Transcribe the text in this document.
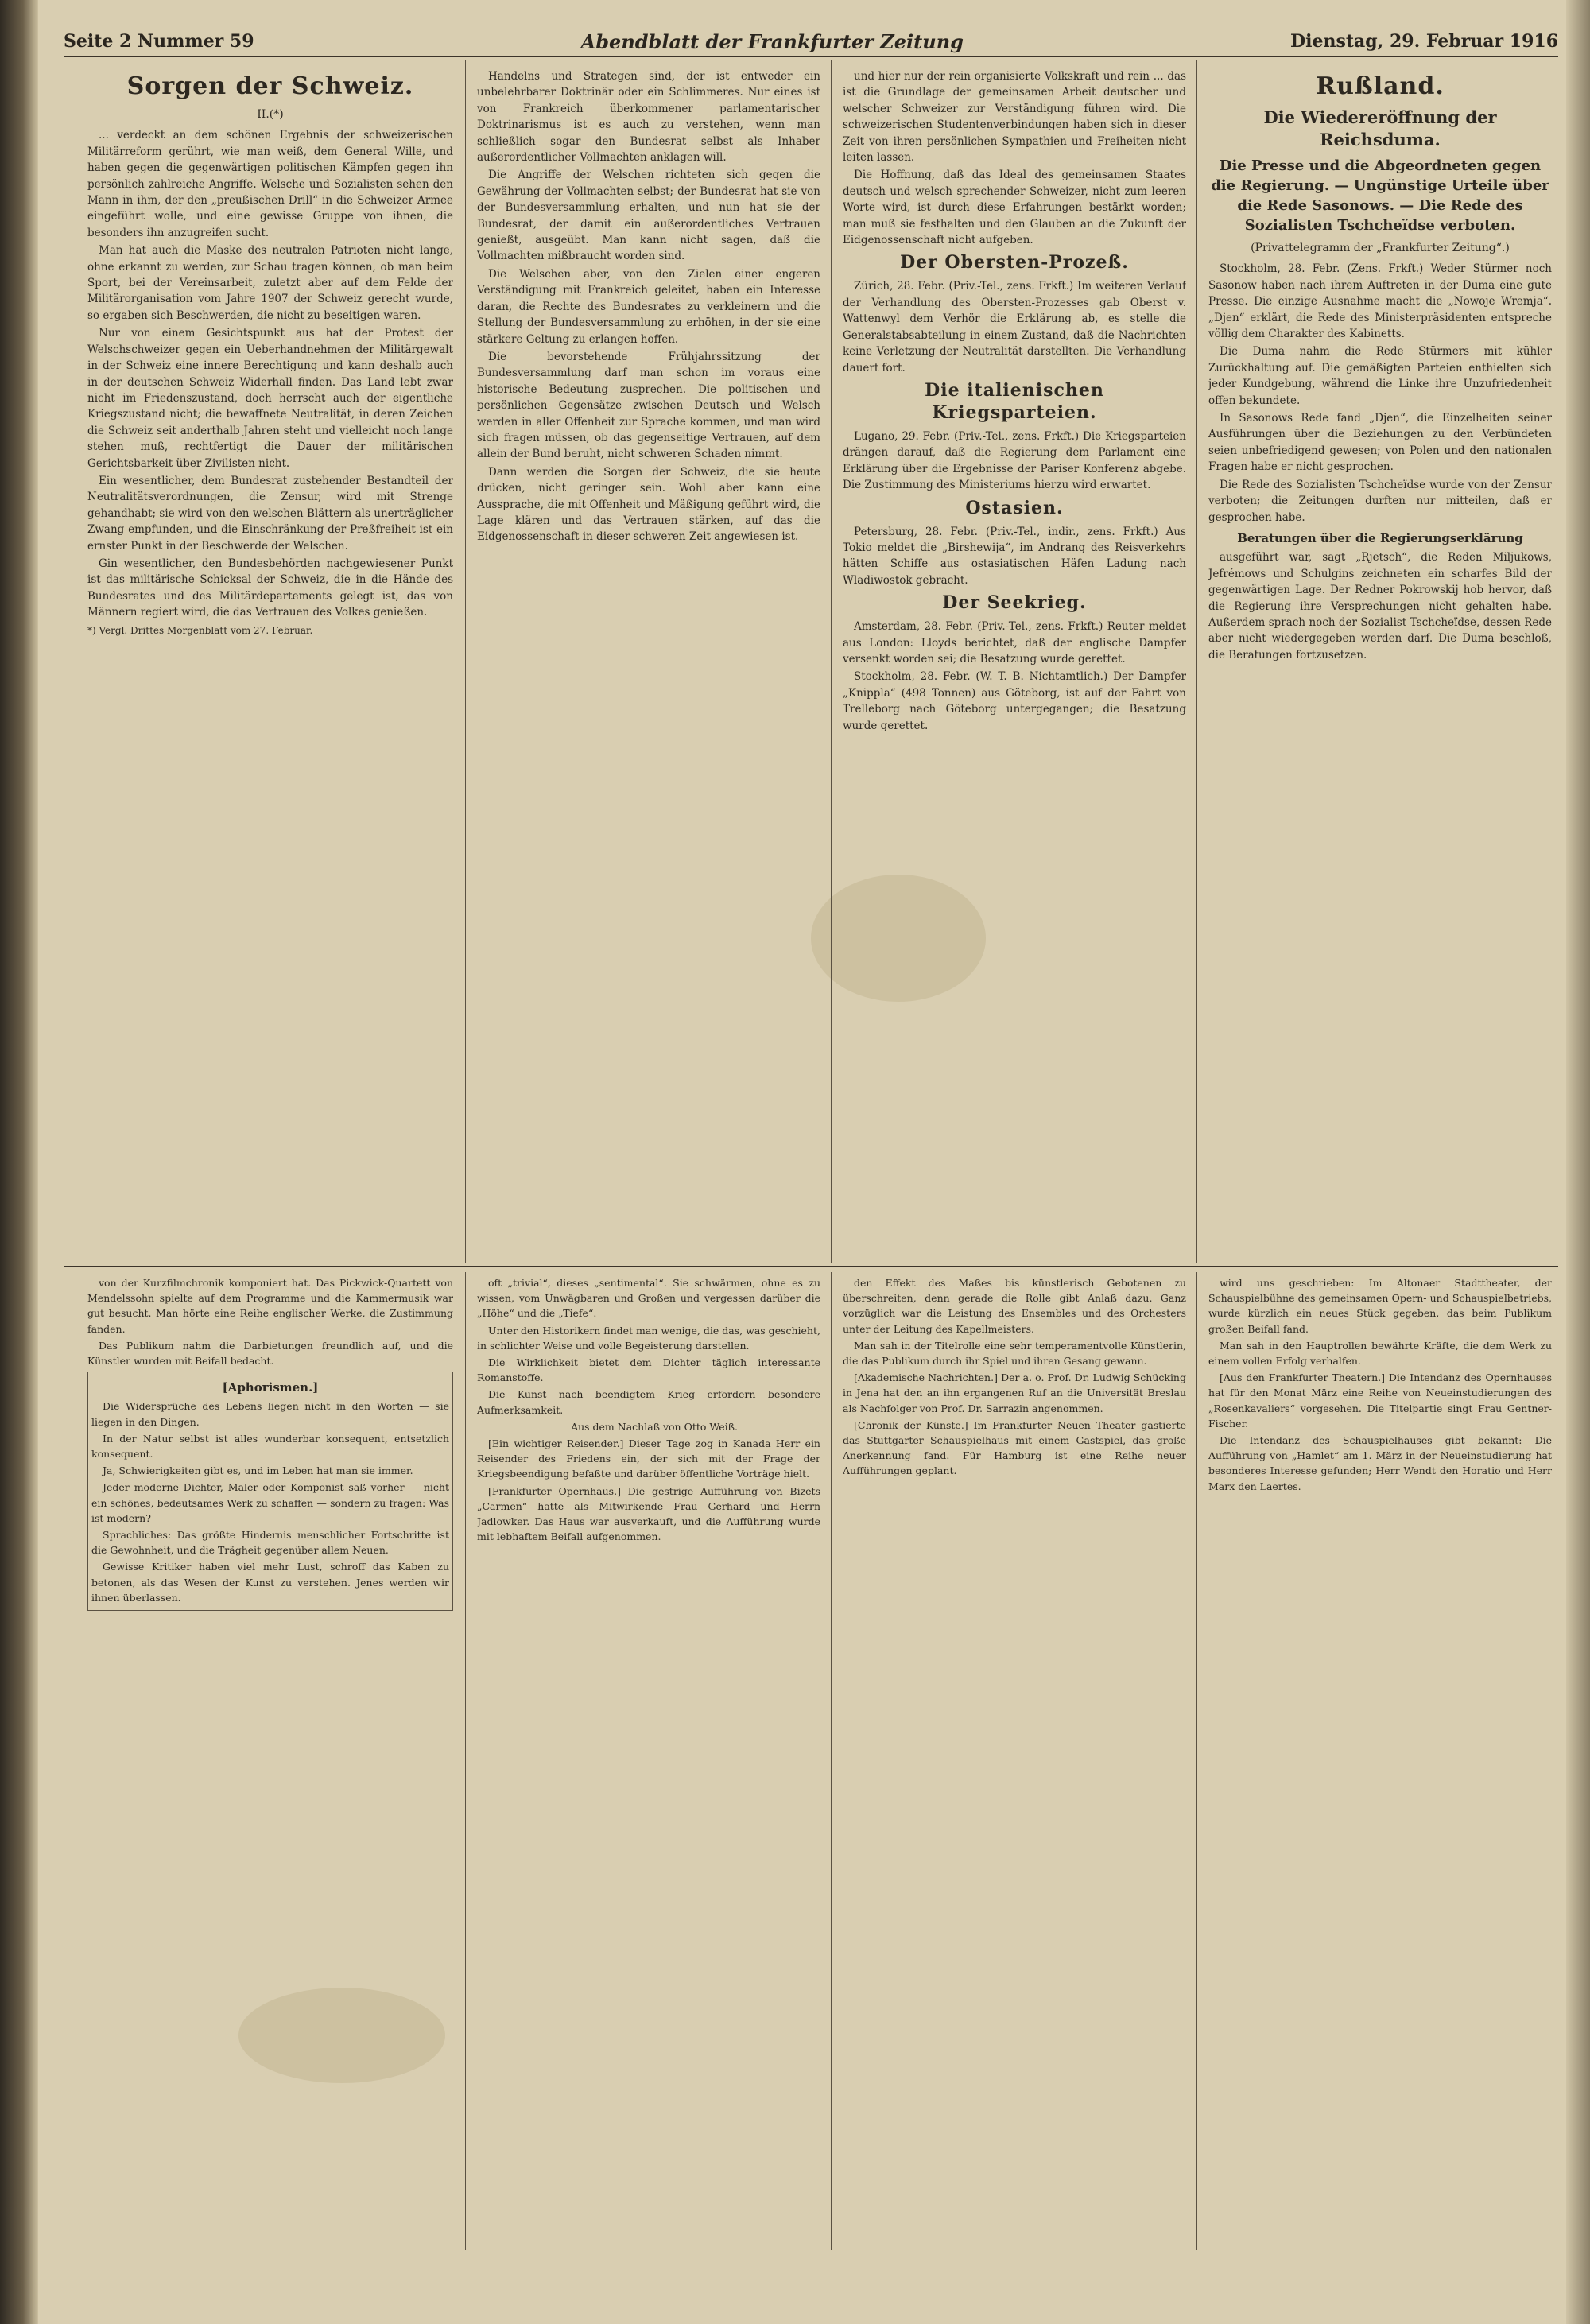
Seite 2 Nummer 59	Abendblatt der Frankfurter Zeitung	Dienstag, 29. Februar 1916
Sorgen der Schweiz.
II.(*)

... verdeckt an dem schönen Ergebnis der schweizerischen Militärreform gerührt, wie man weiß, dem General Wille, und haben gegen die gegenwärtigen politischen Kämpfen gegen ihn persönlich zahlreiche Angriffe. Welsche und Sozialisten sehen den Mann in ihm, der den „preußischen Drill“ in die Schweizer Armee eingeführt wolle, und eine gewisse Gruppe von ihnen, die besonders ihn anzugreifen sucht.

Man hat auch die Maske des neutralen Patrioten nicht lange, ohne erkannt zu werden, zur Schau tragen können, ob man beim Sport, bei der Vereinsarbeit, zuletzt aber auf dem Felde der Militärorganisation vom Jahre 1907 der Schweiz gerecht wurde, so ergaben sich Beschwerden, die nicht zu beseitigen waren.

Nur von einem Gesichtspunkt aus hat der Protest der Welschschweizer gegen ein Ueberhandnehmen der Militärgewalt in der Schweiz eine innere Berechtigung und kann deshalb auch in der deutschen Schweiz Widerhall finden. Das Land lebt zwar nicht im Friedenszustand, doch herrscht auch der eigentliche Kriegszustand nicht; die bewaffnete Neutralität, in deren Zeichen die Schweiz seit anderthalb Jahren steht und vielleicht noch lange stehen muß, rechtfertigt die Dauer der militärischen Gerichtsbarkeit über Zivilisten nicht.

Ein wesentlicher, dem Bundesrat zustehender Bestandteil der Neutralitätsverordnungen, die Zensur, wird mit Strenge gehandhabt; sie wird von den welschen Blättern als unerträglicher Zwang empfunden, und die Einschränkung der Preßfreiheit ist ein ernster Punkt in der Beschwerde der Welschen.

Gin wesentlicher, den Bundesbehörden nachgewiesener Punkt ist das militärische Schicksal der Schweiz, die in die Hände des Bundesrates und des Militärdepartements gelegt ist, das von Männern regiert wird, die das Vertrauen des Volkes genießen.

*) Vergl. Drittes Morgenblatt vom 27. Februar.

Handelns und Strategen sind, der ist entweder ein unbelehrbarer Doktrinär oder ein Schlimmeres. Nur eines ist von Frankreich überkommener parlamentarischer Doktrinarismus ist es auch zu verstehen, wenn man schließlich sogar den Bundesrat selbst als Inhaber außerordentlicher Vollmachten anklagen will.

Die Angriffe der Welschen richteten sich gegen die Gewährung der Vollmachten selbst; der Bundesrat hat sie von der Bundesversammlung erhalten, und nun hat sie der Bundesrat, der damit ein außerordentliches Vertrauen genießt, ausgeübt. Man kann nicht sagen, daß die Vollmachten mißbraucht worden sind.

Die Welschen aber, von den Zielen einer engeren Verständigung mit Frankreich geleitet, haben ein Interesse daran, die Rechte des Bundesrates zu verkleinern und die Stellung der Bundesversammlung zu erhöhen, in der sie eine stärkere Geltung zu erlangen hoffen.

Die bevorstehende Frühjahrssitzung der Bundesversammlung darf man schon im voraus eine historische Bedeutung zusprechen. Die politischen und persönlichen Gegensätze zwischen Deutsch und Welsch werden in aller Offenheit zur Sprache kommen, und man wird sich fragen müssen, ob das gegenseitige Vertrauen, auf dem allein der Bund beruht, nicht schweren Schaden nimmt.

Dann werden die Sorgen der Schweiz, die sie heute drücken, nicht geringer sein. Wohl aber kann eine Aussprache, die mit Offenheit und Mäßigung geführt wird, die Lage klären und das Vertrauen stärken, auf das die Eidgenossenschaft in dieser schweren Zeit angewiesen ist.

und hier nur der rein organisierte Volkskraft und rein ... das ist die Grundlage der gemeinsamen Arbeit deutscher und welscher Schweizer zur Verständigung führen wird. Die schweizerischen Studentenverbindungen haben sich in dieser Zeit von ihren persönlichen Sympathien und Freiheiten nicht leiten lassen.

Die Hoffnung, daß das Ideal des gemeinsamen Staates deutsch und welsch sprechender Schweizer, nicht zum leeren Worte wird, ist durch diese Erfahrungen bestärkt worden; man muß sie festhalten und den Glauben an die Zukunft der Eidgenossenschaft nicht aufgeben.

Der Obersten-Prozeß.

Zürich, 28. Febr. (Priv.-Tel., zens. Frkft.) Im weiteren Verlauf der Verhandlung des Obersten-Prozesses gab Oberst v. Wattenwyl dem Verhör die Erklärung ab, es stelle die Generalstabsabteilung in einem Zustand, daß die Nachrichten keine Verletzung der Neutralität darstellten. Die Verhandlung dauert fort.

Die italienischen Kriegsparteien.

Lugano, 29. Febr. (Priv.-Tel., zens. Frkft.) Die Kriegsparteien drängen darauf, daß die Regierung dem Parlament eine Erklärung über die Ergebnisse der Pariser Konferenz abgebe. Die Zustimmung des Ministeriums hierzu wird erwartet.

Ostasien.

Petersburg, 28. Febr. (Priv.-Tel., indir., zens. Frkft.) Aus Tokio meldet die „Birshewija“, im Andrang des Reisverkehrs hätten Schiffe aus ostasiatischen Häfen Ladung nach Wladiwostok gebracht.

Der Seekrieg.

Amsterdam, 28. Febr. (Priv.-Tel., zens. Frkft.) Reuter meldet aus London: Lloyds berichtet, daß der englische Dampfer versenkt worden sei; die Besatzung wurde gerettet.

Stockholm, 28. Febr. (W. T. B. Nichtamtlich.) Der Dampfer „Knippla“ (498 Tonnen) aus Göteborg, ist auf der Fahrt von Trelleborg nach Göteborg untergegangen; die Besatzung wurde gerettet.

Rußland.
Die Wiedereröffnung der Reichsduma.
Die Presse und die Abgeordneten gegen die Regierung. — Ungünstige Urteile über die Rede Sasonows. — Die Rede des Sozialisten Tschcheïdse verboten.
(Privattelegramm der „Frankfurter Zeitung“.)

Stockholm, 28. Febr. (Zens. Frkft.) Weder Stürmer noch Sasonow haben nach ihrem Auftreten in der Duma eine gute Presse. Die einzige Ausnahme macht die „Nowoje Wremja“. „Djen“ erklärt, die Rede des Ministerpräsidenten entspreche völlig dem Charakter des Kabinetts.

Die Duma nahm die Rede Stürmers mit kühler Zurückhaltung auf. Die gemäßigten Parteien enthielten sich jeder Kundgebung, während die Linke ihre Unzufriedenheit offen bekundete.

In Sasonows Rede fand „Djen“, die Einzelheiten seiner Ausführungen über die Beziehungen zu den Verbündeten seien unbefriedigend gewesen; von Polen und den nationalen Fragen habe er nicht gesprochen.

Die Rede des Sozialisten Tschcheïdse wurde von der Zensur verboten; die Zeitungen durften nur mitteilen, daß er gesprochen habe.

Beratungen über die Regierungserklärung

ausgeführt war, sagt „Rjetsch“, die Reden Miljukows, Jefrémows und Schulgins zeichneten ein scharfes Bild der gegenwärtigen Lage. Der Redner Pokrowskij hob hervor, daß die Regierung ihre Versprechungen nicht gehalten habe. Außerdem sprach noch der Sozialist Tschcheïdse, dessen Rede aber nicht wiedergegeben werden darf. Die Duma beschloß, die Beratungen fortzusetzen.

von der Kurzfilmchronik komponiert hat. Das Pickwick-Quartett von Mendelssohn spielte auf dem Programme und die Kammermusik war gut besucht. Man hörte eine Reihe englischer Werke, die Zustimmung fanden.

Das Publikum nahm die Darbietungen freundlich auf, und die Künstler wurden mit Beifall bedacht.

[Aphorismen.]

Die Widersprüche des Lebens liegen nicht in den Worten — sie liegen in den Dingen.

In der Natur selbst ist alles wunderbar konsequent, entsetzlich konsequent.

Ja, Schwierigkeiten gibt es, und im Leben hat man sie immer.

Jeder moderne Dichter, Maler oder Komponist saß vorher — nicht ein schönes, bedeutsames Werk zu schaffen — sondern zu fragen: Was ist modern?

Sprachliches: Das größte Hindernis menschlicher Fortschritte ist die Gewohnheit, und die Trägheit gegenüber allem Neuen.

Gewisse Kritiker haben viel mehr Lust, schroff das Kaben zu betonen, als das Wesen der Kunst zu verstehen. Jenes werden wir ihnen überlassen.

oft „trivial“, dieses „sentimental“. Sie schwärmen, ohne es zu wissen, vom Unwägbaren und Großen und vergessen darüber die „Höhe“ und die „Tiefe“.

Unter den Historikern findet man wenige, die das, was geschieht, in schlichter Weise und volle Begeisterung darstellen.

Die Wirklichkeit bietet dem Dichter täglich interessante Romanstoffe.

Die Kunst nach beendigtem Krieg erfordern besondere Aufmerksamkeit.

Aus dem Nachlaß von Otto Weiß.

[Ein wichtiger Reisender.] Dieser Tage zog in Kanada Herr ein Reisender des Friedens ein, der sich mit der Frage der Kriegsbeendigung befaßte und darüber öffentliche Vorträge hielt.

[Frankfurter Opernhaus.] Die gestrige Aufführung von Bizets „Carmen“ hatte als Mitwirkende Frau Gerhard und Herrn Jadlowker. Das Haus war ausverkauft, und die Aufführung wurde mit lebhaftem Beifall aufgenommen.

den Effekt des Maßes bis künstlerisch Gebotenen zu überschreiten, denn gerade die Rolle gibt Anlaß dazu. Ganz vorzüglich war die Leistung des Ensembles und des Orchesters unter der Leitung des Kapellmeisters.

Man sah in der Titelrolle eine sehr temperamentvolle Künstlerin, die das Publikum durch ihr Spiel und ihren Gesang gewann.

[Akademische Nachrichten.] Der a. o. Prof. Dr. Ludwig Schücking in Jena hat den an ihn ergangenen Ruf an die Universität Breslau als Nachfolger von Prof. Dr. Sarrazin angenommen.

[Chronik der Künste.] Im Frankfurter Neuen Theater gastierte das Stuttgarter Schauspielhaus mit einem Gastspiel, das große Anerkennung fand. Für Hamburg ist eine Reihe neuer Aufführungen geplant.

wird uns geschrieben: Im Altonaer Stadttheater, der Schauspielbühne des gemeinsamen Opern- und Schauspielbetriebs, wurde kürzlich ein neues Stück gegeben, das beim Publikum großen Beifall fand.

Man sah in den Hauptrollen bewährte Kräfte, die dem Werk zu einem vollen Erfolg verhalfen.

[Aus den Frankfurter Theatern.] Die Intendanz des Opernhauses hat für den Monat März eine Reihe von Neueinstudierungen des „Rosenkavaliers“ vorgesehen. Die Titelpartie singt Frau Gentner-Fischer.

Die Intendanz des Schauspielhauses gibt bekannt: Die Aufführung von „Hamlet“ am 1. März in der Neueinstudierung hat besonderes Interesse gefunden; Herr Wendt den Horatio und Herr Marx den Laertes.
